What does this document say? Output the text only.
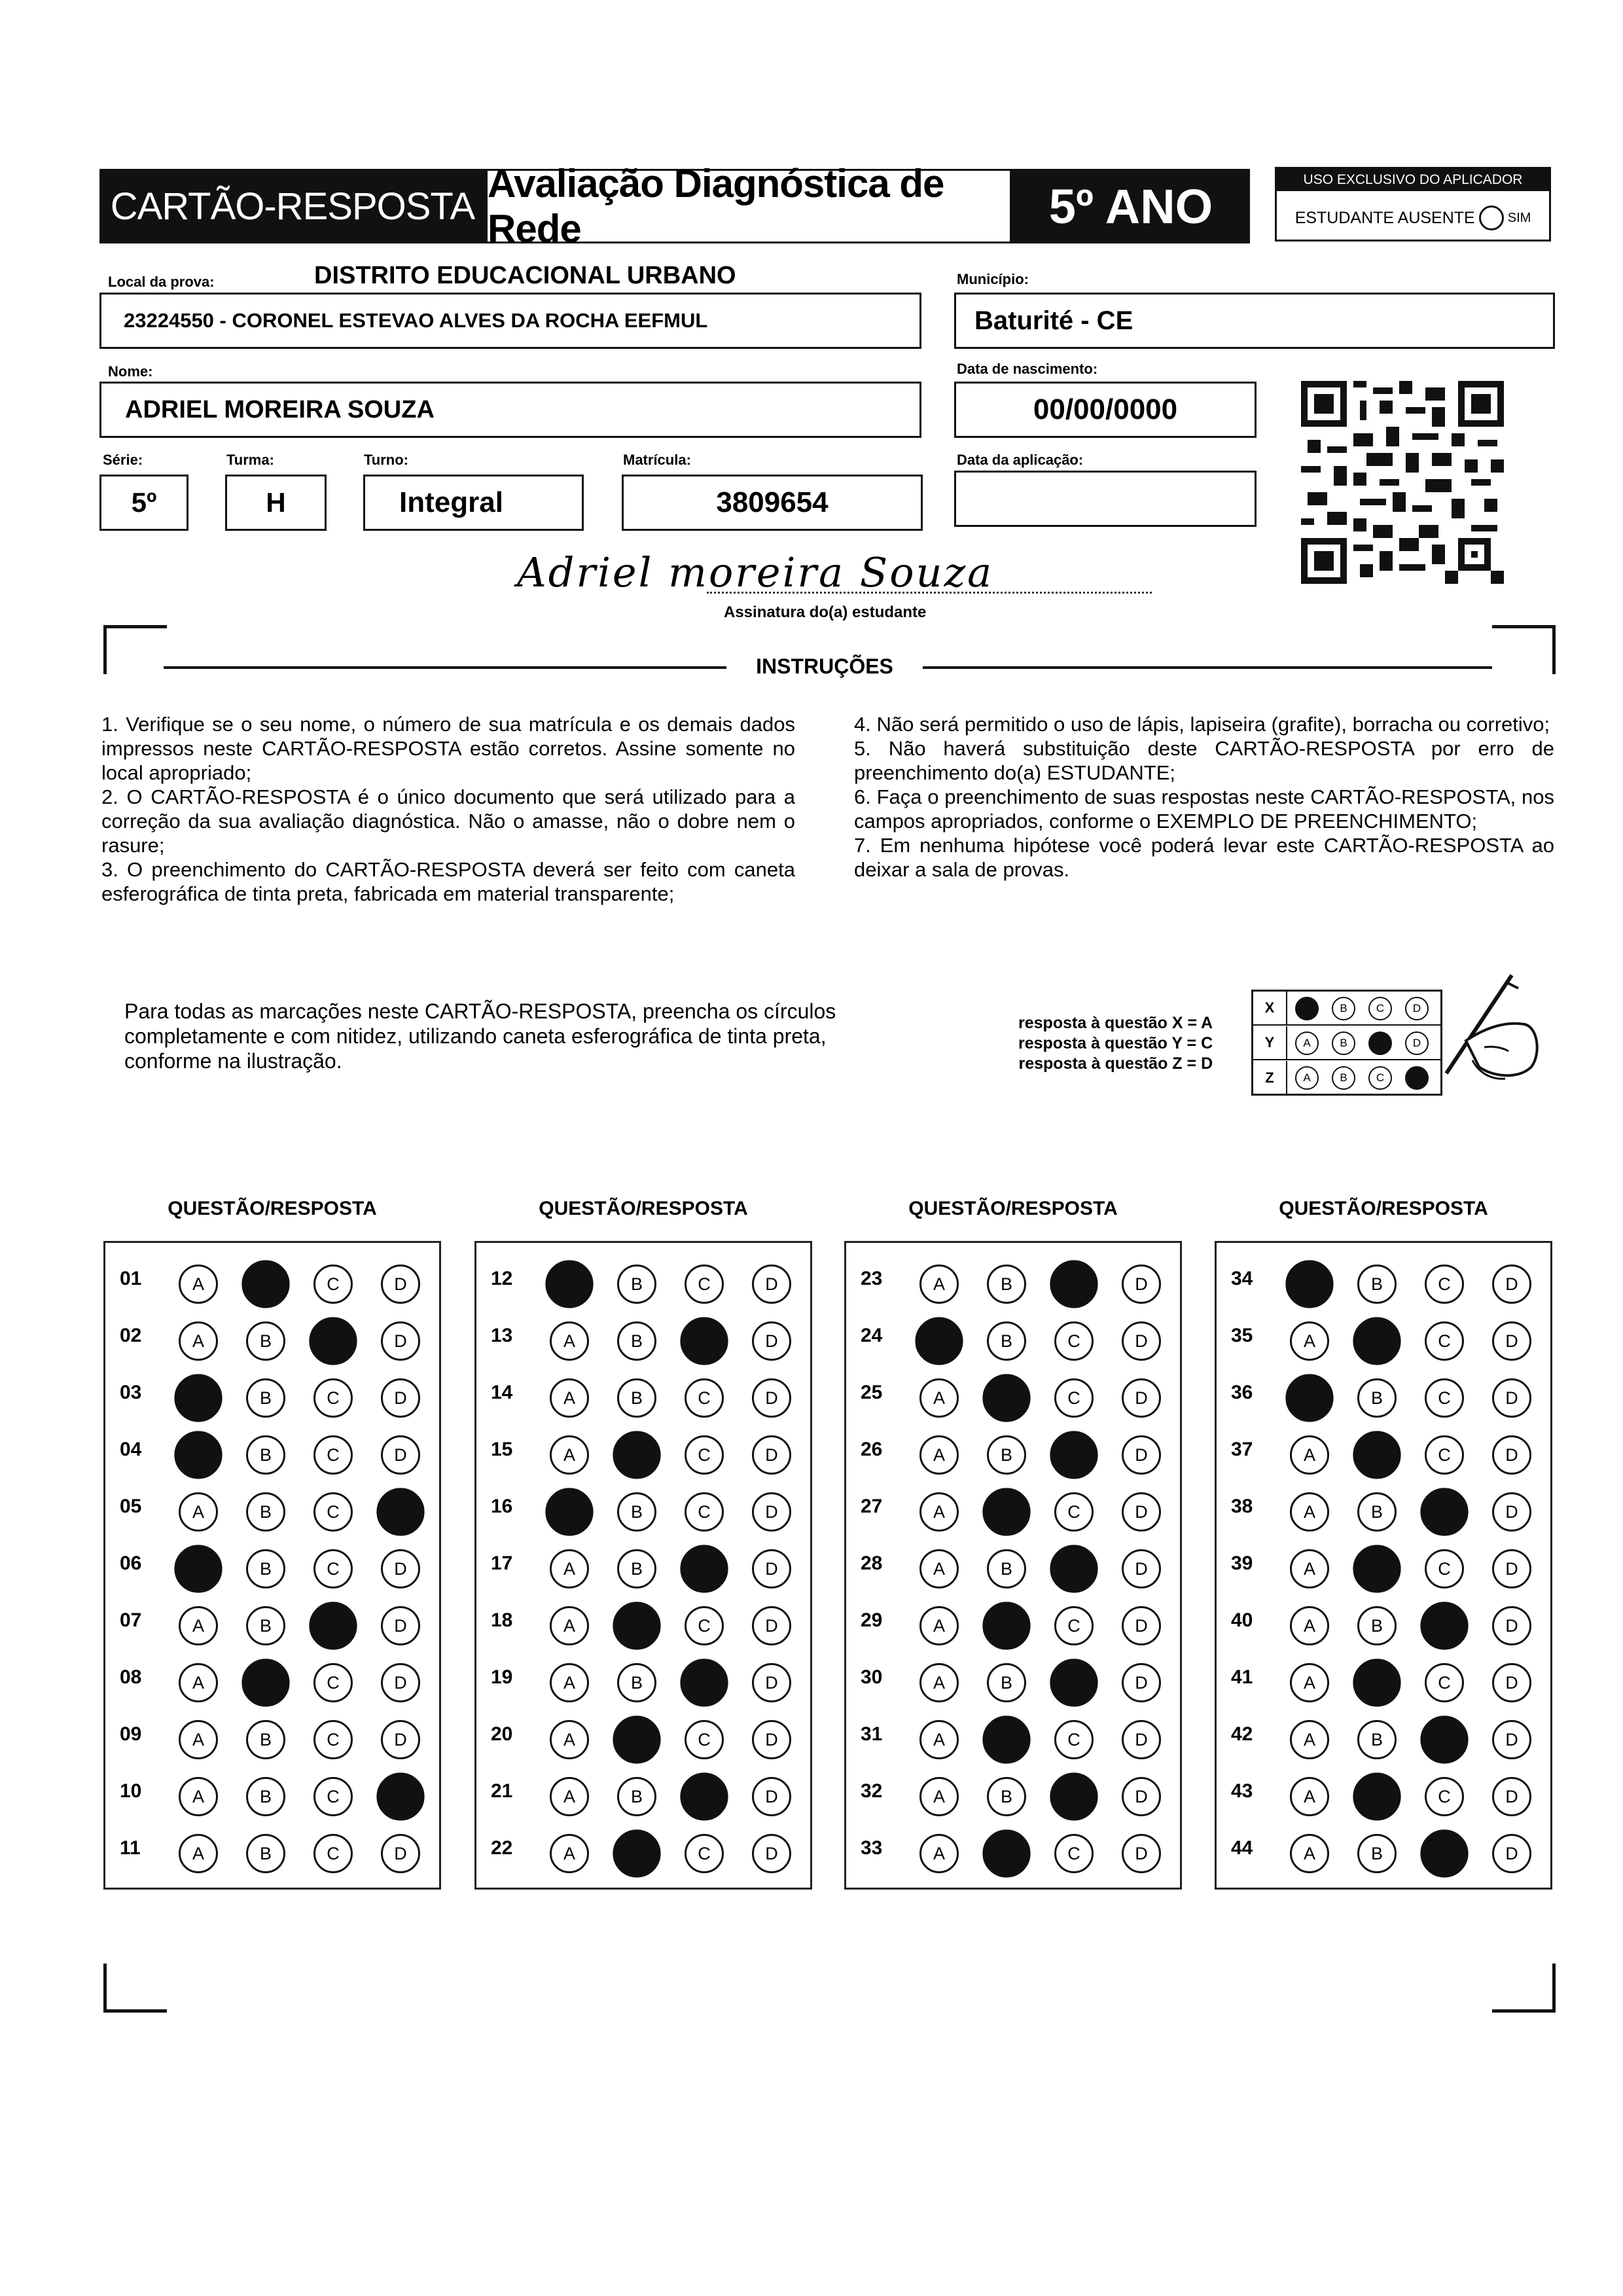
CARTÃO-RESPOSTA
Avaliação Diagnóstica de Rede	5º ANO	USO EXCLUSIVO DO APLICADOR
ESTUDANTE AUSENTE	SIM
Local da prova:	DISTRITO EDUCACIONAL URBANO	Município:
23224550 - CORONEL ESTEVAO ALVES DA ROCHA EEFMUL	Baturité - CE
Nome:	Data de nascimento:
ADRIEL MOREIRA SOUZA	00/00/0000
Série:	Turma:	Turno:	Matrícula:	Data da aplicação:
5º	H	Integral	3809654
Adriel moreira Souza
Assinatura do(a) estudante
INSTRUÇÕES
1. Verifique se o seu nome, o número de sua matrícula e os demais dados impressos neste CARTÃO-RESPOSTA estão corretos. Assine somente no local apropriado;
2. O CARTÃO-RESPOSTA é o único documento que será utilizado para a correção da sua avaliação diagnóstica. Não o amasse, não o dobre nem o rasure;
3. O preenchimento do CARTÃO-RESPOSTA deverá ser feito com caneta esferográfica de tinta preta, fabricada em material transparente;
4. Não será permitido o uso de lápis, lapiseira (grafite), borracha ou corretivo;
5. Não haverá substituição deste CARTÃO-RESPOSTA por erro de preenchimento do(a) ESTUDANTE;
6. Faça o preenchimento de suas respostas neste CARTÃO-RESPOSTA, nos campos apropriados, conforme o EXEMPLO DE PREENCHIMENTO;
7. Em nenhuma hipótese você poderá levar este CARTÃO-RESPOSTA ao deixar a sala de provas.
Para todas as marcações neste CARTÃO-RESPOSTA, preencha os círculos completamente e com nitidez, utilizando caneta esferográfica de tinta preta, conforme na ilustração.
resposta à questão X = A
resposta à questão Y = C
resposta à questão Z = D
X	A	B	C	D
Y	A	B	C	D
Z	A	B	C	D
QUESTÃO/RESPOSTA
01	A	B	C	D
02	A	B	C	D
03	A	B	C	D
04	A	B	C	D
05	A	B	C	D
06	A	B	C	D
07	A	B	C	D
08	A	B	C	D
09	A	B	C	D
10	A	B	C	D
11	A	B	C	D
QUESTÃO/RESPOSTA
12	A	B	C	D
13	A	B	C	D
14	A	B	C	D
15	A	B	C	D
16	A	B	C	D
17	A	B	C	D
18	A	B	C	D
19	A	B	C	D
20	A	B	C	D
21	A	B	C	D
22	A	B	C	D
QUESTÃO/RESPOSTA
23	A	B	C	D
24	A	B	C	D
25	A	B	C	D
26	A	B	C	D
27	A	B	C	D
28	A	B	C	D
29	A	B	C	D
30	A	B	C	D
31	A	B	C	D
32	A	B	C	D
33	A	B	C	D
QUESTÃO/RESPOSTA
34	A	B	C	D
35	A	B	C	D
36	A	B	C	D
37	A	B	C	D
38	A	B	C	D
39	A	B	C	D
40	A	B	C	D
41	A	B	C	D
42	A	B	C	D
43	A	B	C	D
44	A	B	C	D
